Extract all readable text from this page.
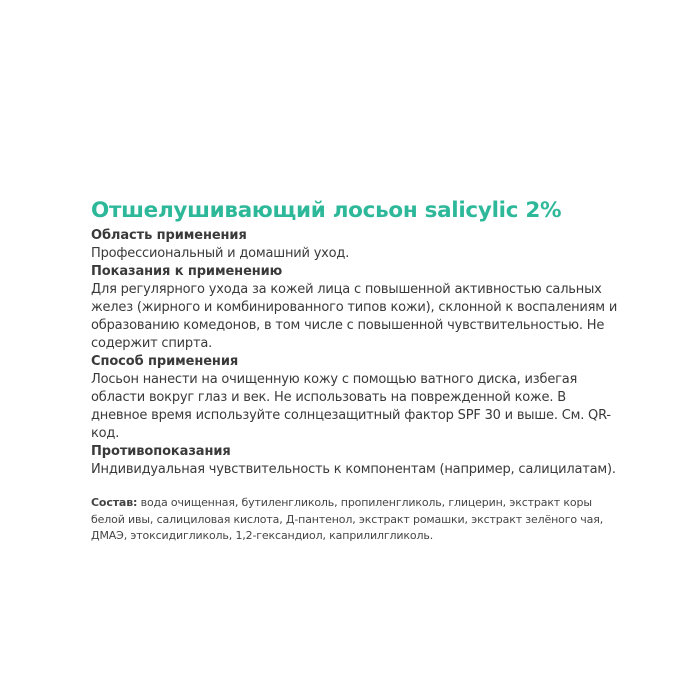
Отшелушивающий лосьон salicylic 2%
Область применения

Профессиональный и домашний уход.

Показания к применению

Для регулярного ухода за кожей лица с повышенной активностью сальных желез (жирного и комбинированного типов кожи), склонной к воспалениям и образованию комедонов, в том числе с повышенной чувствительностью. Не содержит спирта.

Способ применения

Лосьон нанести на очищенную кожу с помощью ватного диска, избегая области вокруг глаз и век. Не использовать на поврежденной коже. В дневное время используйте солнцезащитный фактор SPF 30 и выше. См. QR-код.

Противопоказания

Индивидуальная чувствительность к компонентам (например, салицилатам).

Состав: вода очищенная, бутиленгликоль, пропиленгликоль, глицерин, экстракт коры белой ивы, салициловая кислота, Д-пантенол, экстракт ромашки, экстракт зелёного чая, ДМАЭ, этоксидигликоль, 1,2-гександиол, каприлилгликоль.
